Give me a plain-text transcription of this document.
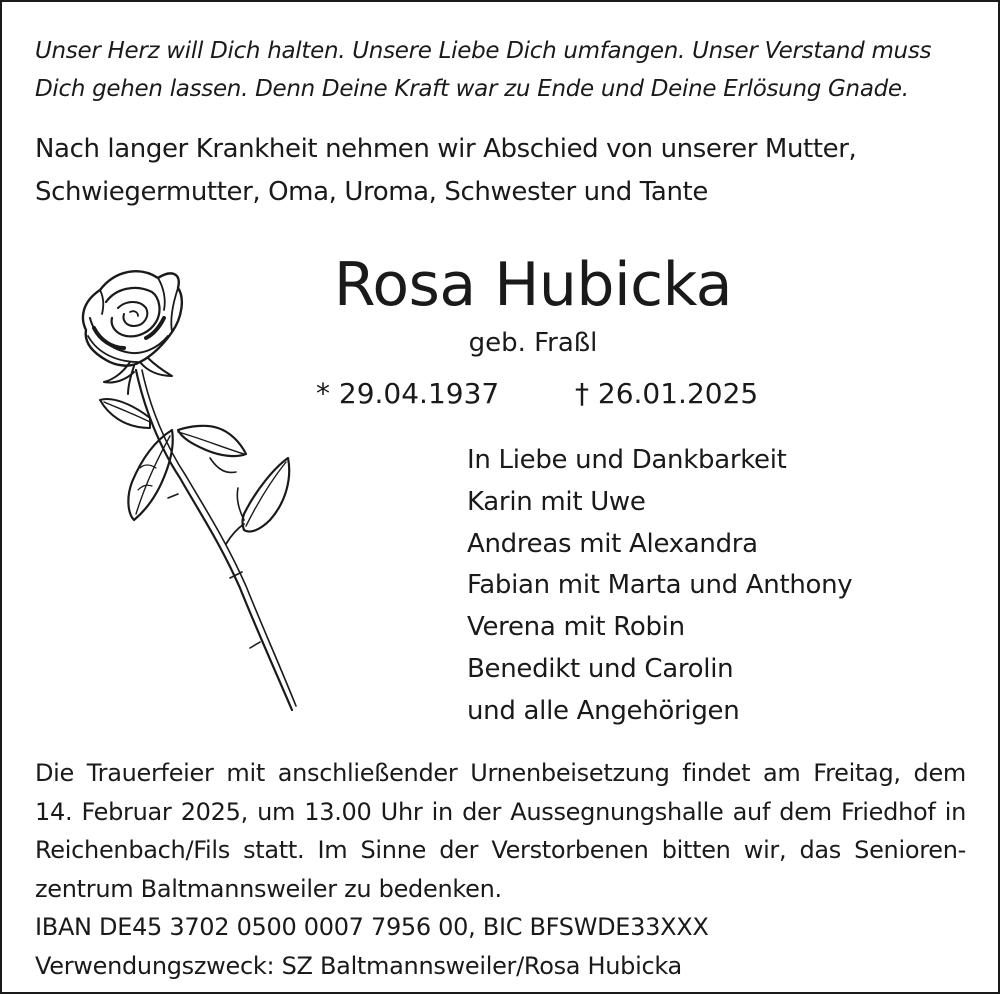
Unser Herz will Dich halten. Unsere Liebe Dich umfangen. Unser Verstand muss
Dich gehen lassen. Denn Deine Kraft war zu Ende und Deine Erlösung Gnade.
Nach langer Krankheit nehmen wir Abschied von unserer Mutter,
Schwiegermutter, Oma, Uroma, Schwester und Tante
Rosa Hubicka
geb. Fraßl
* 29.04.1937	† 26.01.2025
In Liebe und Dankbarkeit
Karin mit Uwe
Andreas mit Alexandra
Fabian mit Marta und Anthony
Verena mit Robin
Benedikt und Carolin
und alle Angehörigen
Die Trauerfeier mit anschließender Urnenbeisetzung findet am Freitag, dem
14. Februar 2025, um 13.00 Uhr in der Aussegnungshalle auf dem Friedhof in
Reichenbach/Fils statt. Im Sinne der Verstorbenen bitten wir, das Senioren-
zentrum Baltmannsweiler zu bedenken.
IBAN DE45 3702 0500 0007 7956 00, BIC BFSWDE33XXX
Verwendungszweck: SZ Baltmannsweiler/Rosa Hubicka
